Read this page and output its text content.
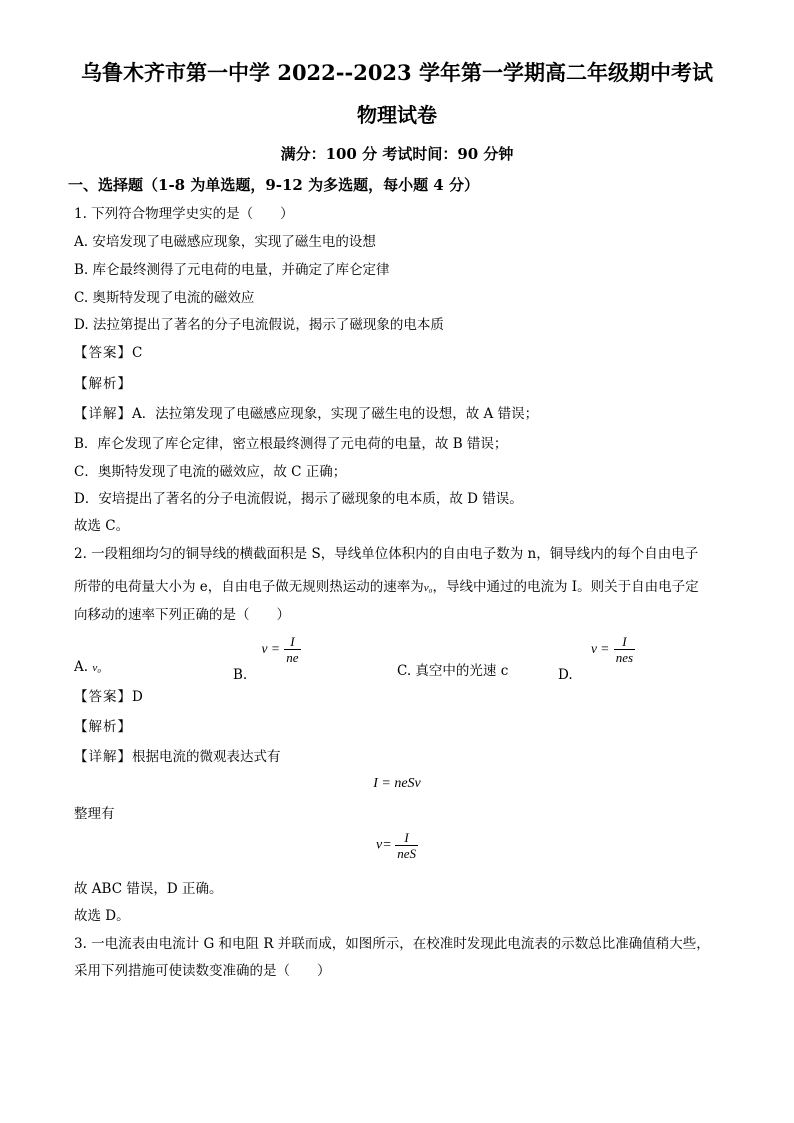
乌鲁木齐市第一中学 2022--2023 学年第一学期高二年级期中考试
物理试卷
满分：100 分 考试时间：90 分钟
一、选择题（1-8 为单选题，9-12 为多选题，每小题 4 分）
1. 下列符合物理学史实的是（　　）
A. 安培发现了电磁感应现象，实现了磁生电的设想
B. 库仑最终测得了元电荷的电量，并确定了库仑定律
C. 奥斯特发现了电流的磁效应
D. 法拉第提出了著名的分子电流假说，揭示了磁现象的电本质
【答案】C
【解析】
【详解】A．法拉第发现了电磁感应现象，实现了磁生电的设想，故 A 错误；
B．库仑发现了库仑定律，密立根最终测得了元电荷的电量，故 B 错误；
C．奥斯特发现了电流的磁效应，故 C 正确；
D．安培提出了著名的分子电流假说，揭示了磁现象的电本质，故 D 错误。
故选 C。
2. 一段粗细均匀的铜导线的横截面积是 S，导线单位体积内的自由电子数为 n，铜导线内的每个自由电子
所带的电荷量大小为 e，自由电子做无规则热运动的速率为v₀，导线中通过的电流为 I。则关于自由电子定
向移动的速率下列正确的是（　　）
A. v₀	B. $v = \frac{I}{ne}$
C. 真空中的光速 c	D. $v = \frac{I}{\text{nes}}$
【答案】D
【解析】
【详解】根据电流的微观表达式有
I = neSv
整理有
$v= \frac{I}{\text{neS}}$
故 ABC 错误，D 正确。
故选 D。
3. 一电流表由电流计 G 和电阻 R 并联而成，如图所示，在校准时发现此电流表的示数总比准确值稍大些，
采用下列措施可使读数变准确的是（　　）
